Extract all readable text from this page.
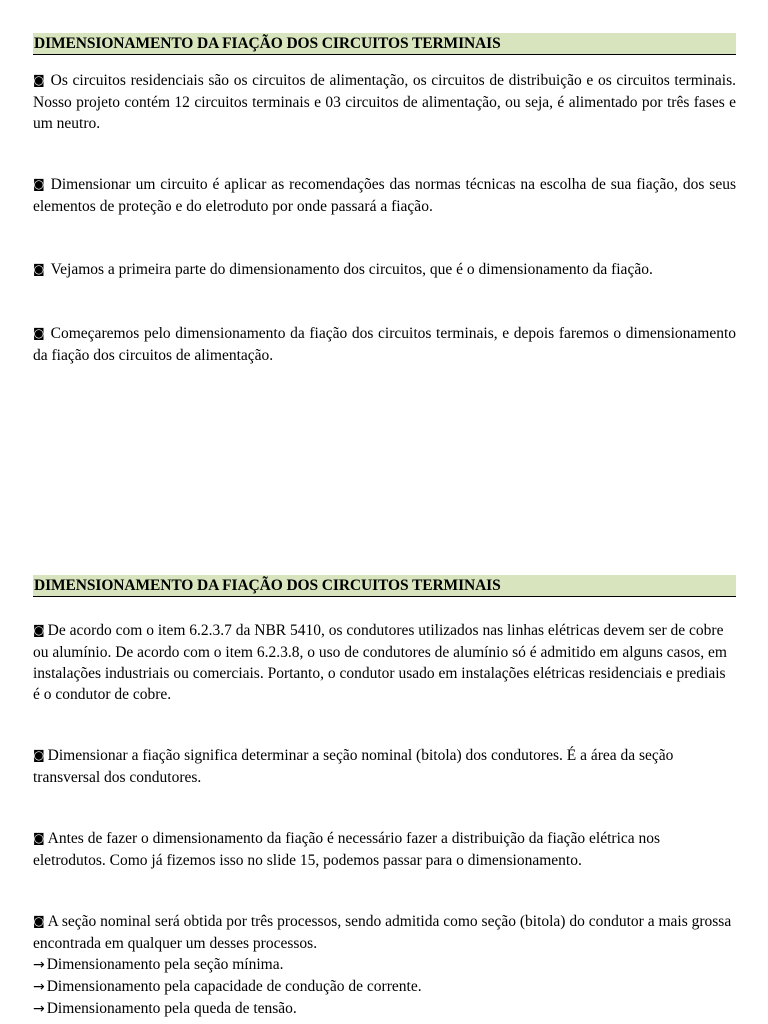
DIMENSIONAMENTO DA FIAÇÃO DOS CIRCUITOS TERMINAIS

◙ Os circuitos residenciais são os circuitos de alimentação, os circuitos de distribuição e os circuitos terminais. Nosso projeto contém 12 circuitos terminais e 03 circuitos de alimentação, ou seja, é alimentado por três fases e um neutro.

◙ Dimensionar um circuito é aplicar as recomendações das normas técnicas na escolha de sua fiação, dos seus elementos de proteção e do eletroduto por onde passará a fiação.

◙ Vejamos a primeira parte do dimensionamento dos circuitos, que é o dimensionamento da fiação.

◙ Começaremos pelo dimensionamento da fiação dos circuitos terminais, e depois faremos o dimensionamento da fiação dos circuitos de alimentação.

DIMENSIONAMENTO DA FIAÇÃO DOS CIRCUITOS TERMINAIS

◙ De acordo com o item 6.2.3.7 da NBR 5410, os condutores utilizados nas linhas elétricas devem ser de cobre ou alumínio. De acordo com o item 6.2.3.8, o uso de condutores de alumínio só é admitido em alguns casos, em instalações industriais ou comerciais. Portanto, o condutor usado em instalações elétricas residenciais e prediais é o condutor de cobre.

◙ Dimensionar a fiação significa determinar a seção nominal (bitola) dos condutores. É a área da seção transversal dos condutores.

◙ Antes de fazer o dimensionamento da fiação é necessário fazer a distribuição da fiação elétrica nos eletrodutos. Como já fizemos isso no slide 15, podemos passar para o dimensionamento.

◙ A seção nominal será obtida por três processos, sendo admitida como seção (bitola) do condutor a mais grossa encontrada em qualquer um desses processos.

→ Dimensionamento pela seção mínima.

→ Dimensionamento pela capacidade de condução de corrente.

→ Dimensionamento pela queda de tensão.
